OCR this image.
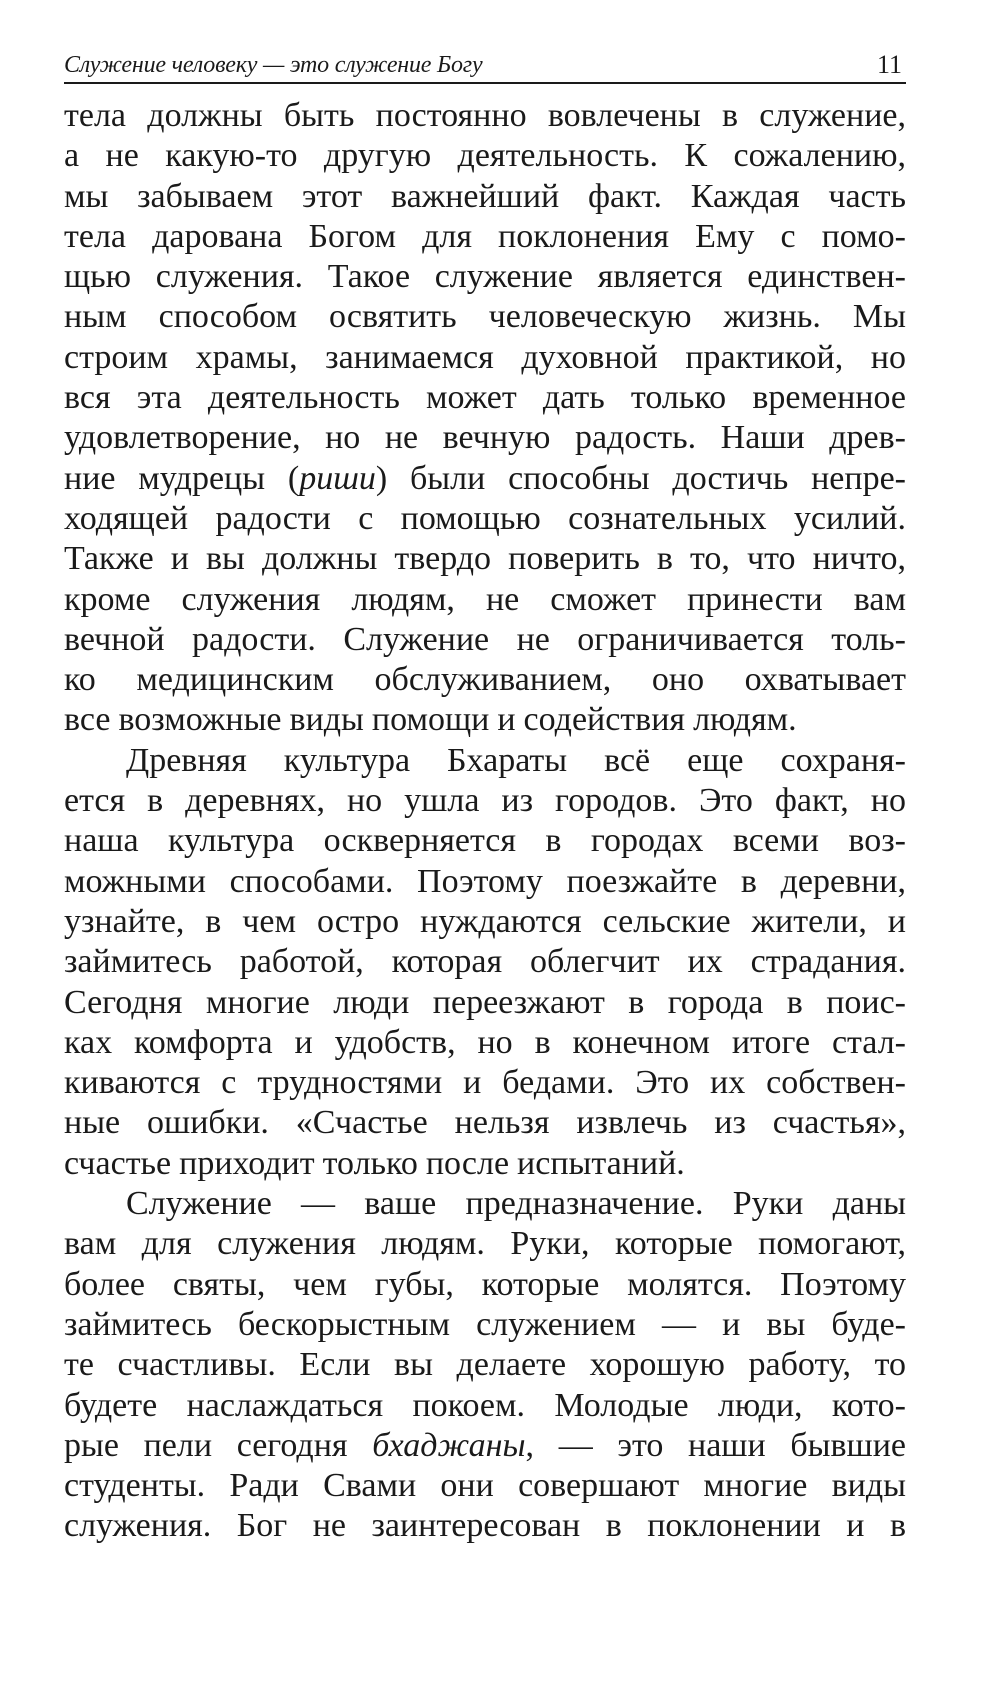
Служение человеку — это служение Богу	11
тела должны быть постоянно вовлечены в служение,
а не какую-то другую деятельность. К сожалению,
мы забываем этот важнейший факт. Каждая часть
тела дарована Богом для поклонения Ему с помо-
щью служения. Такое служение является единствен-
ным способом освятить человеческую жизнь. Мы
строим храмы, занимаемся духовной практикой, но
вся эта деятельность может дать только временное
удовлетворение, но не вечную радость. Наши древ-
ние мудрецы (риши) были способны достичь непре-
ходящей радости с помощью сознательных усилий.
Также и вы должны твердо поверить в то, что ничто,
кроме служения людям, не сможет принести вам
вечной радости. Служение не ограничивается толь-
ко медицинским обслуживанием, оно охватывает
все возможные виды помощи и содействия людям.
Древняя культура Бхараты всё еще сохраня-
ется в деревнях, но ушла из городов. Это факт, но
наша культура оскверняется в городах всеми воз-
можными способами. Поэтому поезжайте в деревни,
узнайте, в чем остро нуждаются сельские жители, и
займитесь работой, которая облегчит их страдания.
Сегодня многие люди переезжают в города в поис-
ках комфорта и удобств, но в конечном итоге стал-
киваются с трудностями и бедами. Это их собствен-
ные ошибки. «Счастье нельзя извлечь из счастья»,
счастье приходит только после испытаний.
Служение — ваше предназначение. Руки даны
вам для служения людям. Руки, которые помогают,
более святы, чем губы, которые молятся. Поэтому
займитесь бескорыстным служением — и вы буде-
те счастливы. Если вы делаете хорошую работу, то
будете наслаждаться покоем. Молодые люди, кото-
рые пели сегодня бхаджаны, — это наши бывшие
студенты. Ради Свами они совершают многие виды
служения. Бог не заинтересован в поклонении и в
